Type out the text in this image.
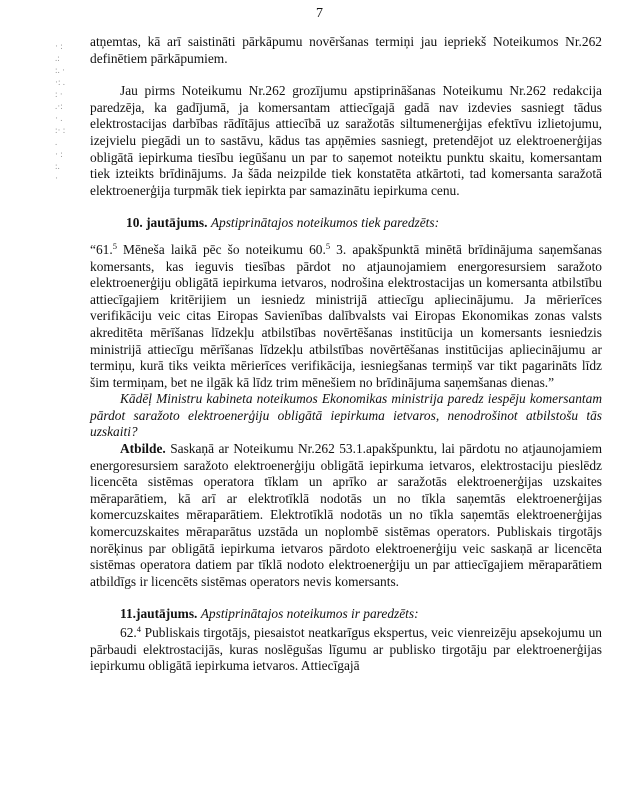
7
· :
.:
:. ·
·: .
: ·
.·:
· .
:· :
.
· :
:.
·

atņemtas, kā arī saistināti pārkāpumu novēršanas termiņi jau iepriekš Noteikumos Nr.262 definētiem pārkāpumiem.

Jau pirms Noteikumu Nr.262 grozījumu apstiprināšanas Noteikumu Nr.262 redakcija paredzēja, ka gadījumā, ja komersantam attiecīgajā gadā nav izdevies sasniegt tādus elektrostacijas darbības rādītājus attiecībā uz saražotās siltumenerģijas efektīvu izlietojumu, izejvielu piegādi un to sastāvu, kādus tas apņēmies sasniegt, pretendējot uz elektroenerģijas obligātā iepirkuma tiesību iegūšanu un par to saņemot noteiktu punktu skaitu, komersantam tiek izteikts brīdinājums. Ja šāda neizpilde tiek konstatēta atkārtoti, tad komersanta saražotā elektroenerģija turpmāk tiek iepirkta par samazinātu iepirkuma cenu.

10. jautājums. Apstiprinātajos noteikumos tiek paredzēts:

“61.$^5$ Mēneša laikā pēc šo noteikumu 60.$^5$ 3. apakšpunktā minētā brīdinājuma saņemšanas komersants, kas ieguvis tiesības pārdot no atjaunojamiem energoresursiem saražoto elektroenerģiju obligātā iepirkuma ietvaros, nodrošina elektrostacijas un komersanta atbilstību attiecīgajiem kritērijiem un iesniedz ministrijā attiecīgu apliecinājumu. Ja mērierīces verifikāciju veic citas Eiropas Savienības dalībvalsts vai Eiropas Ekonomikas zonas valsts akreditēta mērīšanas līdzekļu atbilstības novērtēšanas institūcija un komersants iesniedzis ministrijā attiecīgu mērīšanas līdzekļu atbilstības novērtēšanas institūcijas apliecinājumu ar termiņu, kurā tiks veikta mērierīces verifikācija, iesniegšanas termiņš var tikt pagarināts līdz šim termiņam, bet ne ilgāk kā līdz trim mēnešiem no brīdinājuma saņemšanas dienas.”

Kādēļ Ministru kabineta noteikumos Ekonomikas ministrija paredz iespēju komersantam pārdot saražoto elektroenerģiju obligātā iepirkuma ietvaros, nenodrošinot atbilstošu tās uzskaiti?

Atbilde. Saskaņā ar Noteikumu Nr.262 53.1.apakšpunktu, lai pārdotu no atjaunojamiem energoresursiem saražoto elektroenerģiju obligātā iepirkuma ietvaros, elektrostaciju pieslēdz licencēta sistēmas operatora tīklam un aprīko ar saražotās elektroenerģijas uzskaites mēraparātiem, kā arī ar elektrotīklā nodotās un no tīkla saņemtās elektroenerģijas komercuzskaites mēraparātiem. Elektrotīklā nodotās un no tīkla saņemtās elektroenerģijas komercuzskaites mēraparātus uzstāda un noplombē sistēmas operators. Publiskais tirgotājs norēķinus par obligātā iepirkuma ietvaros pārdoto elektroenerģiju veic saskaņā ar licencēta sistēmas operatora datiem par tīklā nodoto elektroenerģiju un par attiecīgajiem mēraparātiem atbildīgs ir licencēts sistēmas operators nevis komersants.

11.jautājums. Apstiprinātajos noteikumos ir paredzēts:

62.$^4$ Publiskais tirgotājs, piesaistot neatkarīgus ekspertus, veic vienreizēju apsekojumu un pārbaudi elektrostacijās, kuras noslēgušas līgumu ar publisko tirgotāju par elektroenerģijas iepirkumu obligātā iepirkuma ietvaros. Attiecīgajā
